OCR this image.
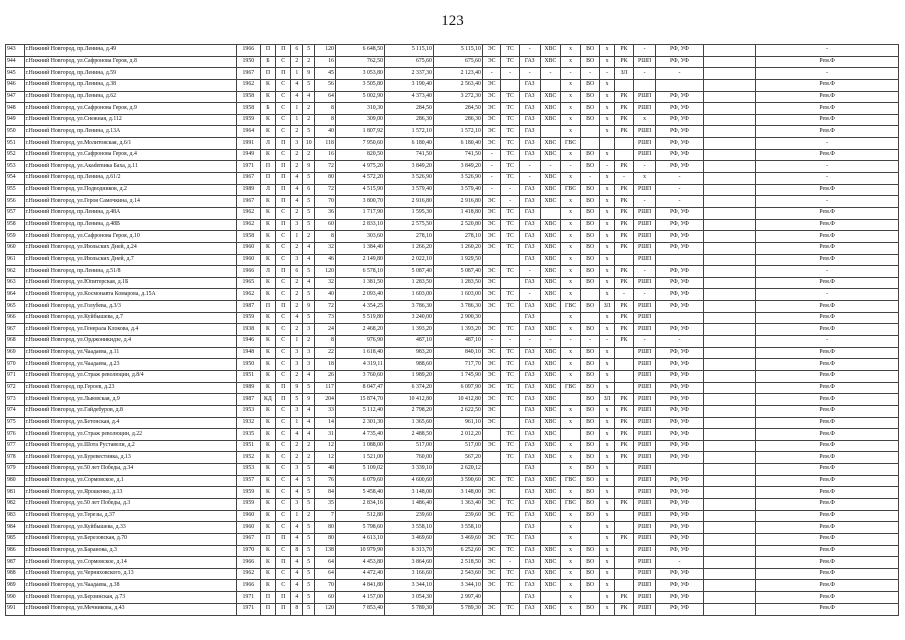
123
943	г.Нижний Новгород, пр.Ленина, д.49	1966	П	П	6	5	120	6 648,50	5 115,10	5 115,10	ЭС	ТС	-	ХВС	х	ВО	х	РК	-	РФ, УФ		-
944	г.Нижний Новгород, ул.Сафронова Героя, д.8	1950	Б	С	2	2	16	762,50	675,60	675,60	ЭС	ТС	ГАЗ	ХВС	х	ВО	х	РК	РШП	РФ, УФ		Рем.Ф
945	г.Нижний Новгород, пр.Ленина, д.59	1967	П	П	1	9	45	3 053,80	2 337,30	2 123,40	-	-	-	-	-	-	-	ЗЛ	-	-		-
946	г.Нижний Новгород, пр.Ленина, д.38	1962	К	С	4	5	56	3 505,80	3 190,40	2 563,40	ЭС		ГАЗ		х	ВО	х					Рем.Ф
947	г.Нижний Новгород, пр.Ленина, д.62	1958	К	С	4	4	64	5 002,90	4 373,40	3 272,30	ЭС	ТС	ГАЗ	ХВС	х	ВО	х	РК	РШП	РФ, УФ		Рем.Ф
948	г.Нижний Новгород, ул.Сафронова Героя, д.9	1958	Б	С	1	2	8	310,30	284,50	284,50	ЭС	ТС	ГАЗ	ХВС	х	ВО	х	РК	РШП	РФ, УФ		Рем.Ф
949	г.Нижний Новгород, ул.Снежная, д.112	1959	К	С	1	2	8	309,00	286,30	286,30	ЭС	ТС	ГАЗ	ХВС	х	ВО	х	РК	х	РФ, УФ		Рем.Ф
950	г.Нижний Новгород, пр.Ленина, д.13А	1964	К	С	2	5	40	1 807,92	1 572,10	1 572,10	ЭС	ТС	ГАЗ		х		х	РК	РШП	РФ, УФ		Рем.Ф
951	г.Нижний Новгород, ул.Молитовская, д.6/1	1991	Л	П	3	10	118	7 950,60	6 180,40	6 180,40	ЭС	ТС	ГАЗ	ХВС	ГВС				РШП	РФ, УФ		-
952	г.Нижний Новгород, ул.Сафронова Героя, д.4	1949	К	С	2	2	16	820,50	741,50	741,50	-	ТС	ГАЗ	ХВС	х	ВО	х		РШП	РФ, УФ		Рем.Ф
953	г.Нижний Новгород, ул.Акademика Баха, д.11	1971	П	П	2	9	72	4 975,20	3 849,20	3 849,20	-	ТС	-	-	-	ВО	-	РК	-	РФ, УФ		-
954	г.Нижний Новгород, пр.Ленина, д.61/2	1967	П	П	4	5	80	4 572,20	3 526,90	3 526,90	-	ТС	-	ХВС	х	-	х	-	х	-		-
955	г.Нижний Новгород, ул.Подводников, д.2	1989	Л	П	4	6	72	4 515,90	3 579,40	3 579,40	-	-	ГАЗ	ХВС	ГВС	ВО	х	РК	РШП	-		Рем.Ф
956	г.Нижний Новгород, ул.Героя Самочкина, д.14	1967	К	П	4	5	70	3 800,70	2 916,80	2 916,80	ЭС	-	ГАЗ	ХВС	х	ВО	х	РК	-	-		-
957	г.Нижний Новгород, пр.Ленина, д.48А	1962	К	С	2	5	36	1 717,90	1 595,30	1 418,80	ЭС	ТС	ГАЗ		х	ВО	х	РК	РШП	РФ, УФ		Рем.Ф
958	г.Нижний Новгород, пр.Ленина, д.48В	1962	К	П	3	5	60	2 833,10	2 575,50	2 520,80	ЭС	ТС	ГАЗ	ХВС	х	ВО	х	РК	РШП	РФ, УФ		Рем.Ф
959	г.Нижний Новгород, ул.Сафронова Героя, д.10	1958	К	С	1	2	8	303,60	278,10	278,10	ЭС	ТС	ГАЗ	ХВС	х	ВО	х	РК	РШП	РФ, УФ		Рем.Ф
960	г.Нижний Новгород, ул.Июльских Дней, д.24	1960	К	С	2	4	32	1 384,40	1 266,20	1 260,20	ЭС	ТС	ГАЗ	ХВС	х	ВО	х	РК	РШП	РФ, УФ		Рем.Ф
961	г.Нижний Новгород, ул.Июльских Дней, д.7	1960	К	С	3	4	46	2 149,80	2 022,10	1 929,50			ГАЗ	ХВС	х	ВО	х		РШП			Рем.Ф
962	г.Нижний Новгород, пр.Ленина, д.51/8	1966	Л	П	6	5	120	6 578,10	5 087,40	5 087,40	ЭС	ТС	-	ХВС	х	ВО	х	РК	-	РФ, УФ		-
963	г.Нижний Новгород, ул.Юпитерская, д.1Б	1965	К	С	2	4	32	1 381,50	1 283,50	1 283,50	ЭС		ГАЗ	ХВС	х	ВО	х	РК	РШП	РФ, УФ		Рем.Ф
964	г.Нижний Новгород, ул.Космонавта Комарова, д.15А	1962	К	С	2	5	40	2 093,40	1 603,00	1 603,00	ЭС	ТС	-	ХВС	х		х	-	-	РФ, УФ		-
965	г.Нижний Новгород, ул.Голубева, д.3/3	1987	П	П	2	9	72	4 354,25	3 786,30	3 786,30	ЭС	ТС	ГАЗ	ХВС	ГВС	ВО	ЗЛ	РК	РШП	РФ, УФ		Рем.Ф
966	г.Нижний Новгород, ул.Куйбышева, д.7	1959	К	С	4	5	73	5 519,80	3 240,00	2 900,30			ГАЗ		х		х	РК	РШП			Рем.Ф
967	г.Нижний Новгород, ул.Генерала Клокова, д.4	1938	К	С	2	3	24	2 468,20	1 393,20	1 393,20	ЭС	ТС	ГАЗ	ХВС	х	ВО	х	РК	РШП	РФ, УФ		Рем.Ф
968	г.Нижний Новгород, ул.Орджоникидзе, д.4	1946	К	С	1	2	8	976,90	487,10	487,10	-	-	-	-	-	-	-	РК	-	-		-
969	г.Нижний Новгород, ул.Чаадаева, д.11	1948	К	С	3	3	22	1 618,40	983,20	840,10	ЭС	ТС	ГАЗ	ХВС	х	ВО	х		РШП	РФ, УФ		Рем.Ф
970	г.Нижний Новгород, ул.Чаадаева, д.23	1950	К	С	3	3	18	4 319,11	988,60	717,70	ЭС	ТС	ГАЗ	ХВС	х	ВО	х		РШП	РФ, УФ		Рем.Ф
971	г.Нижний Новгород, ул.Страж революции, д.8/4	1951	К	С	2	4	26	3 760,60	1 989,20	1 745,90	ЭС	ТС	ГАЗ	ХВС	х	ВО	х		РШП	РФ, УФ		Рем.Ф
972	г.Нижний Новгород, пр.Героев, д.23	1989	К	П	9	5	117	8 047,47	6 374,20	6 097,90	ЭС	ТС	ГАЗ	ХВС	ГВС	ВО	х		РШП	РФ, УФ		Рем.Ф
973	г.Нижний Новгород, ул.Львовская, д.9	1987	КД	П	5	9	204	15 874,70	10 412,80	10 412,80	ЭС	ТС	ГАЗ	ХВС		ВО	ЗЛ	РК	РШП	РФ, УФ		Рем.Ф
974	г.Нижний Новгород, ул.Гайдебуров, д.8	1953	К	С	3	4	33	5 112,40	2 798,20	2 622,50	ЭС		ГАЗ	ХВС	х	ВО	х	РК	РШП	РФ, УФ		Рем.Ф
975	г.Нижний Новгород, ул.Бетонская, д.4	1932	К	С	1	4	14	2 301,30	1 365,60	961,10	ЭС		ГАЗ	ХВС	х	ВО	х	РК	РШП	РФ, УФ		Рем.Ф
976	г.Нижний Новгород, ул.Страж революции, д.22	1935	К	С	4	4	31	4 735,40	2 488,50	2 012,20		ТС	ГАЗ	ХВС		ВО	х	РК	РШП	РФ, УФ		Рем.Ф
977	г.Нижний Новгород, ул.Шота Руставели, д.2	1951	К	С	2	2	12	1 088,00	517,00	517,00	ЭС	ТС	ГАЗ	ХВС	х	ВО	х	РК	РШП	РФ, УФ		Рем.Ф
978	г.Нижний Новгород, ул.Буревестника, д.13	1952	К	С	2	2	12	1 521,00	760,00	567,20		ТС	ГАЗ	ХВС	х	ВО	х	РК	РШП	РФ, УФ		Рем.Ф
979	г.Нижний Новгород, ул.50 лет Победы, д.34	1953	К	С	3	5	48	5 109,02	3 339,10	2 620,12			ГАЗ		х	ВО	х		РШП			Рем.Ф
980	г.Нижний Новгород, ул.Сормовское, д.1	1957	К	С	4	5	76	6 079,60	4 600,60	3 590,60	ЭС	ТС	ГАЗ	ХВС	ГВС	ВО	х		РШП	РФ, УФ		Рем.Ф
981	г.Нижний Новгород, ул.Ярошенко, д.13	1959	К	С	4	5	84	5 458,40	3 148,00	3 148,00	ЭС		ГАЗ	ХВС	х	ВО	х		РШП	РФ, УФ		Рем.Ф
982	г.Нижний Новгород, ул.50 лет Победы, д.3	1959	К	С	3	5	35	2 834,16	1 486,40	1 363,40	ЭС	ТС	ГАЗ	ХВС	ГВС	ВО	х	РК	РШП	РФ, УФ		Рем.Ф
983	г.Нижний Новгород, ул.Терезы, д.37	1960	К	С	1	2	7	512,80	239,60	239,60	ЭС	ТС	ГАЗ	ХВС	х	ВО	х		РШП	РФ, УФ		Рем.Ф
984	г.Нижний Новгород, ул.Куйбышева, д.33	1960	К	С	4	5	80	5 798,60	3 558,10	3 558,10			ГАЗ		х		х		РШП	РФ, УФ		Рем.Ф
985	г.Нижний Новгород, ул.Березовская, д.70	1967	П	П	4	5	80	4 613,10	3 469,60	3 469,60	ЭС	ТС	ГАЗ		х		х	РК	РШП	РФ, УФ		Рем.Ф
986	г.Нижний Новгород, ул.Баранова, д.3	1970	К	С	8	5	138	10 979,90	6 313,70	6 252,60	ЭС	ТС	ГАЗ	ХВС	х	ВО	х		РШП	РФ, УФ		Рем.Ф
987	г.Нижний Новгород, ул.Сормовское, д.14	1966	К	П	4	5	64	4 453,80	3 864,60	2 518,50	ЭС	-	ГАЗ	ХВС	х	ВО	х		РШП	-		Рем.Ф
988	г.Нижний Новгород, ул.Черняховского, д.13	1962	К	С	4	5	64	4 472,40	3 166,60	2 543,60	ЭС	ТС	ГАЗ	ХВС	х	ВО	х		РШП	РФ, УФ		Рем.Ф
989	г.Нижний Новгород, ул.Чаадаева, д.38	1966	К	С	4	5	70	4 841,80	3 344,10	3 344,10	ЭС	ТС	ГАЗ	ХВС	х	ВО	х		РШП	РФ, УФ		Рем.Ф
990	г.Нижний Новгород, ул.Берзинская, д.73	1971	П	П	4	5	60	4 157,00	3 054,30	2 997,40			ГАЗ		х		х	РК	РШП	РФ, УФ		Рем.Ф
991	г.Нижний Новгород, ул.Мечникова, д.43	1971	П	П	8	5	120	7 853,40	5 789,30	5 789,30	ЭС	ТС	ГАЗ	ХВС	х	ВО	х	РК	РШП	РФ, УФ		Рем.Ф
